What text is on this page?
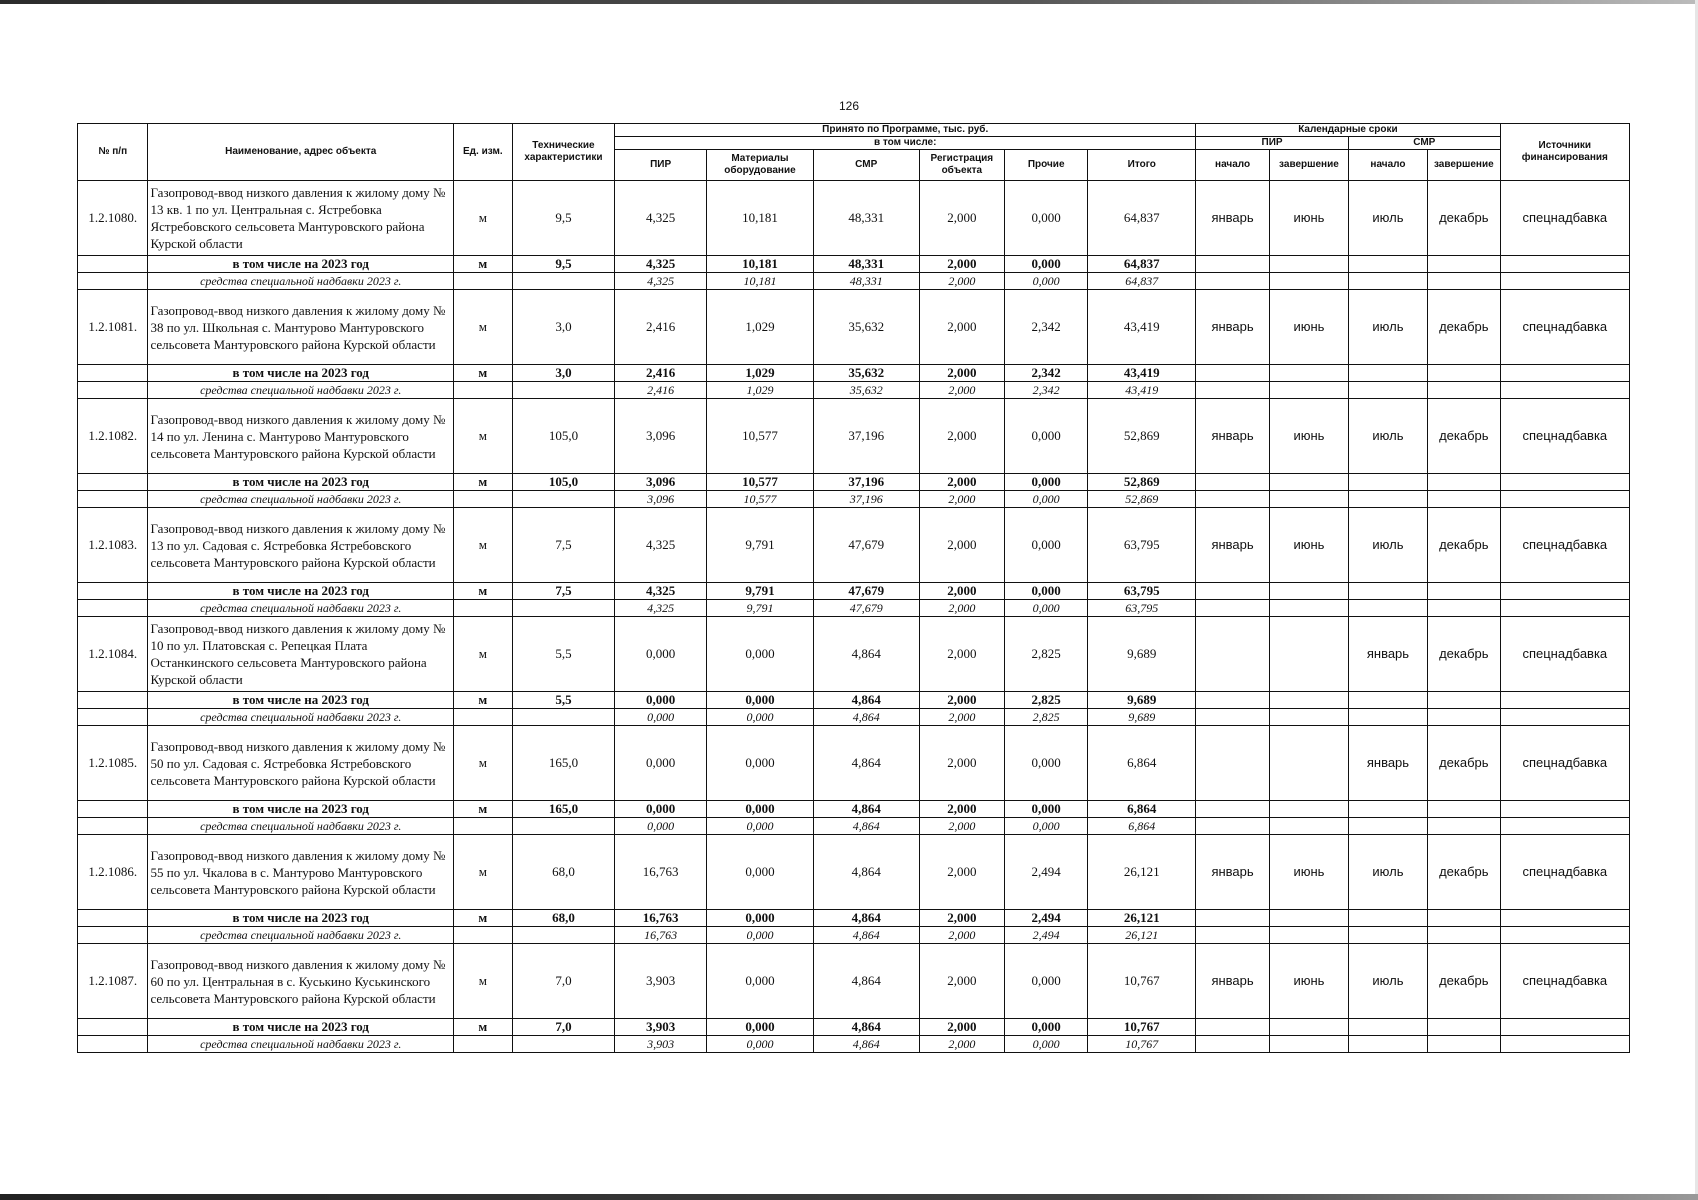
126
№ п/п	Наименование, адрес объекта	Ед. изм.	Технические характеристики	Принято по Программе, тыс. руб.						Календарные сроки				Источники финансирования
				в том числе:						ПИР		СМР		
				ПИР	Материалы оборудование	СМР	Регистрация объекта	Прочие	Итого	начало	завершение	начало	завершение	
1.2.1080.	Газопровод-ввод низкого давления к жилому дому № 13 кв. 1 по ул. Центральная с. Ястребовка Ястребовского сельсовета Мантуровского района Курской области	м	9,5	4,325	10,181	48,331	2,000	0,000	64,837	январь	июнь	июль	декабрь	спецнадбавка
	в том числе на 2023 год	м	9,5	4,325	10,181	48,331	2,000	0,000	64,837					
	средства специальной надбавки 2023 г.			4,325	10,181	48,331	2,000	0,000	64,837					
1.2.1081.	Газопровод-ввод низкого давления к жилому дому № 38 по ул. Школьная с. Мантурово Мантуровского сельсовета Мантуровского района Курской области	м	3,0	2,416	1,029	35,632	2,000	2,342	43,419	январь	июнь	июль	декабрь	спецнадбавка
	в том числе на 2023 год	м	3,0	2,416	1,029	35,632	2,000	2,342	43,419					
	средства специальной надбавки 2023 г.			2,416	1,029	35,632	2,000	2,342	43,419					
1.2.1082.	Газопровод-ввод низкого давления к жилому дому № 14 по ул. Ленина с. Мантурово Мантуровского сельсовета Мантуровского района Курской области	м	105,0	3,096	10,577	37,196	2,000	0,000	52,869	январь	июнь	июль	декабрь	спецнадбавка
	в том числе на 2023 год	м	105,0	3,096	10,577	37,196	2,000	0,000	52,869					
	средства специальной надбавки 2023 г.			3,096	10,577	37,196	2,000	0,000	52,869					
1.2.1083.	Газопровод-ввод низкого давления к жилому дому № 13 по ул. Садовая с. Ястребовка Ястребовского сельсовета Мантуровского района Курской области	м	7,5	4,325	9,791	47,679	2,000	0,000	63,795	январь	июнь	июль	декабрь	спецнадбавка
	в том числе на 2023 год	м	7,5	4,325	9,791	47,679	2,000	0,000	63,795					
	средства специальной надбавки 2023 г.			4,325	9,791	47,679	2,000	0,000	63,795					
1.2.1084.	Газопровод-ввод низкого давления к жилому дому № 10 по ул. Платовская с. Репецкая Плата Останкинского сельсовета Мантуровского района Курской области	м	5,5	0,000	0,000	4,864	2,000	2,825	9,689			январь	декабрь	спецнадбавка
	в том числе на 2023 год	м	5,5	0,000	0,000	4,864	2,000	2,825	9,689					
	средства специальной надбавки 2023 г.			0,000	0,000	4,864	2,000	2,825	9,689					
1.2.1085.	Газопровод-ввод низкого давления к жилому дому № 50 по ул. Садовая с. Ястребовка Ястребовского сельсовета Мантуровского района Курской области	м	165,0	0,000	0,000	4,864	2,000	0,000	6,864			январь	декабрь	спецнадбавка
	в том числе на 2023 год	м	165,0	0,000	0,000	4,864	2,000	0,000	6,864					
	средства специальной надбавки 2023 г.			0,000	0,000	4,864	2,000	0,000	6,864					
1.2.1086.	Газопровод-ввод низкого давления к жилому дому № 55 по ул. Чкалова в с. Мантурово Мантуровского сельсовета Мантуровского района Курской области	м	68,0	16,763	0,000	4,864	2,000	2,494	26,121	январь	июнь	июль	декабрь	спецнадбавка
	в том числе на 2023 год	м	68,0	16,763	0,000	4,864	2,000	2,494	26,121					
	средства специальной надбавки 2023 г.			16,763	0,000	4,864	2,000	2,494	26,121					
1.2.1087.	Газопровод-ввод низкого давления к жилому дому № 60 по ул. Центральная в с. Куськино Куськинского сельсовета Мантуровского района Курской области	м	7,0	3,903	0,000	4,864	2,000	0,000	10,767	январь	июнь	июль	декабрь	спецнадбавка
	в том числе на 2023 год	м	7,0	3,903	0,000	4,864	2,000	0,000	10,767					
	средства специальной надбавки 2023 г.			3,903	0,000	4,864	2,000	0,000	10,767					
